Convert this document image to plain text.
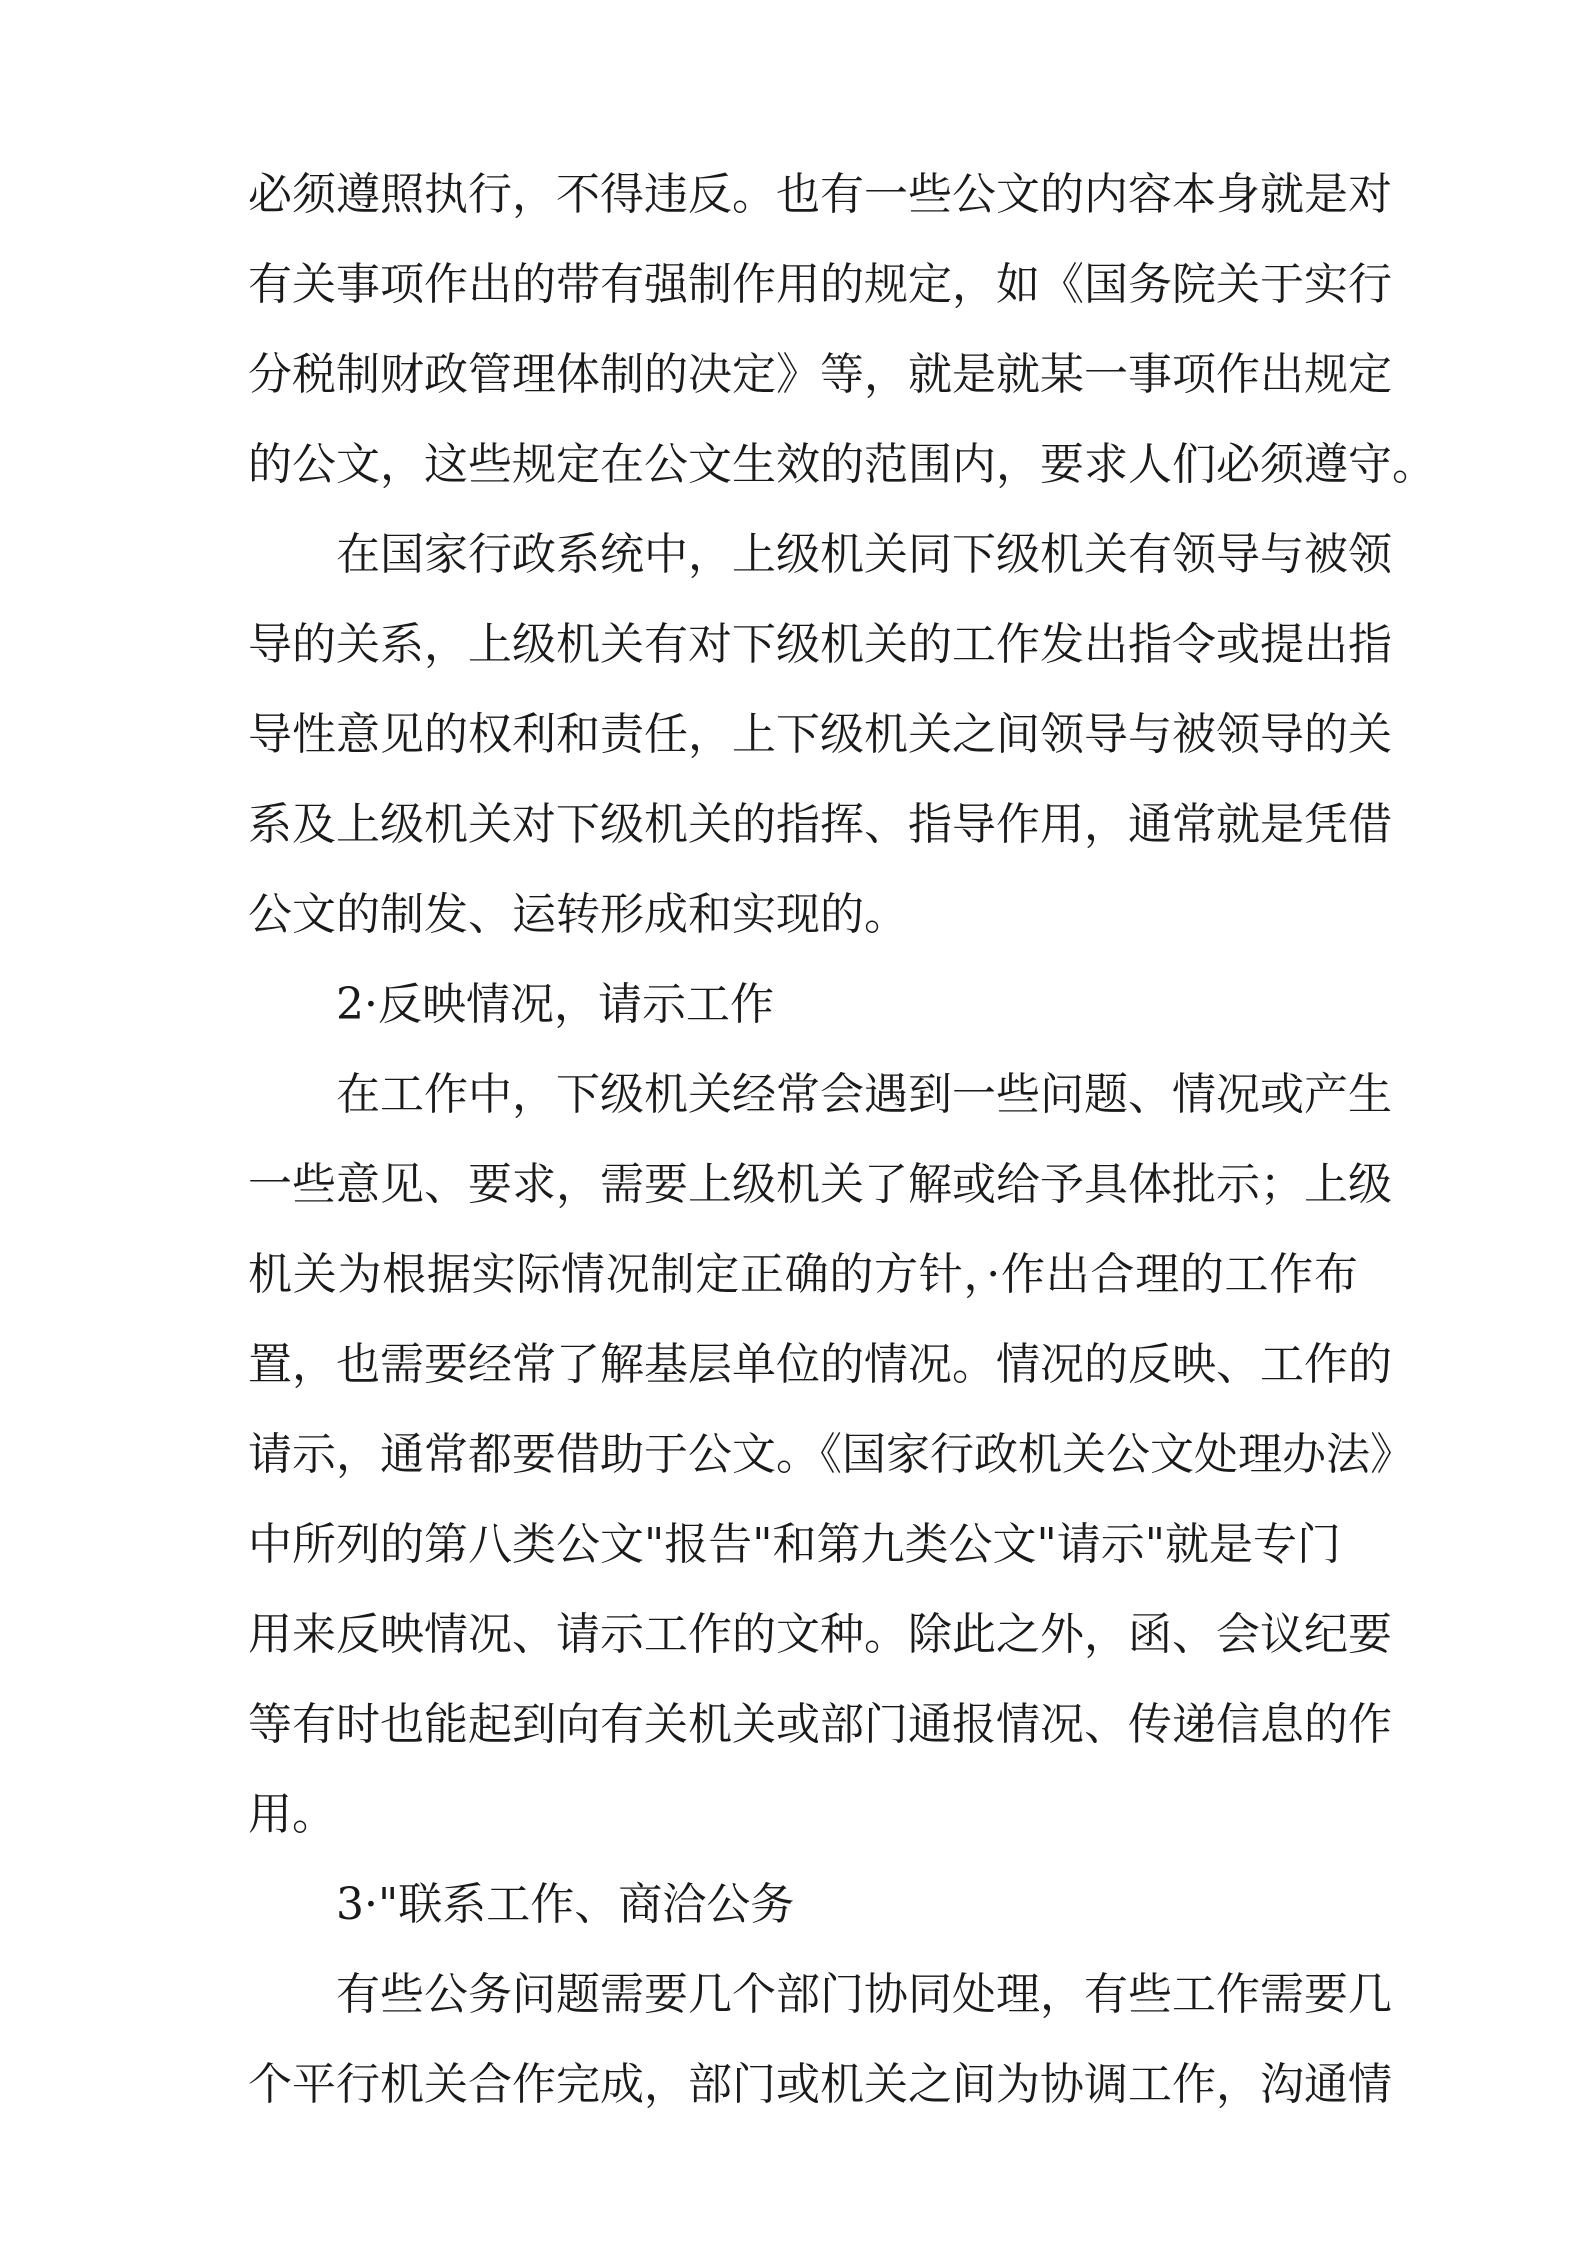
必须遵照执行，不得违反。也有一些公文的内容本身就是对
有关事项作出的带有强制作用的规定，如《国务院关于实行
分税制财政管理体制的决定》等，就是就某一事项作出规定
的公文，这些规定在公文生效的范围内，要求人们必须遵守。
在国家行政系统中，上级机关同下级机关有领导与被领
导的关系，上级机关有对下级机关的工作发出指令或提出指
导性意见的权利和责任，上下级机关之间领导与被领导的关
系及上级机关对下级机关的指挥、指导作用，通常就是凭借
公文的制发、运转形成和实现的。
2·反映情况，请示工作
在工作中，下级机关经常会遇到一些问题、情况或产生
一些意见、要求，需要上级机关了解或给予具体批示；上级
机关为根据实际情况制定正确的方针，·作出合理的工作布
置，也需要经常了解基层单位的情况。情况的反映、工作的
请示，通常都要借助于公文。《国家行政机关公文处理办法》
中所列的第八类公文"报告"和第九类公文"请示"就是专门
用来反映情况、请示工作的文种。除此之外，函、会议纪要
等有时也能起到向有关机关或部门通报情况、传递信息的作
用。
3·"联系工作、商洽公务
有些公务问题需要几个部门协同处理，有些工作需要几
个平行机关合作完成，部门或机关之间为协调工作，沟通情
